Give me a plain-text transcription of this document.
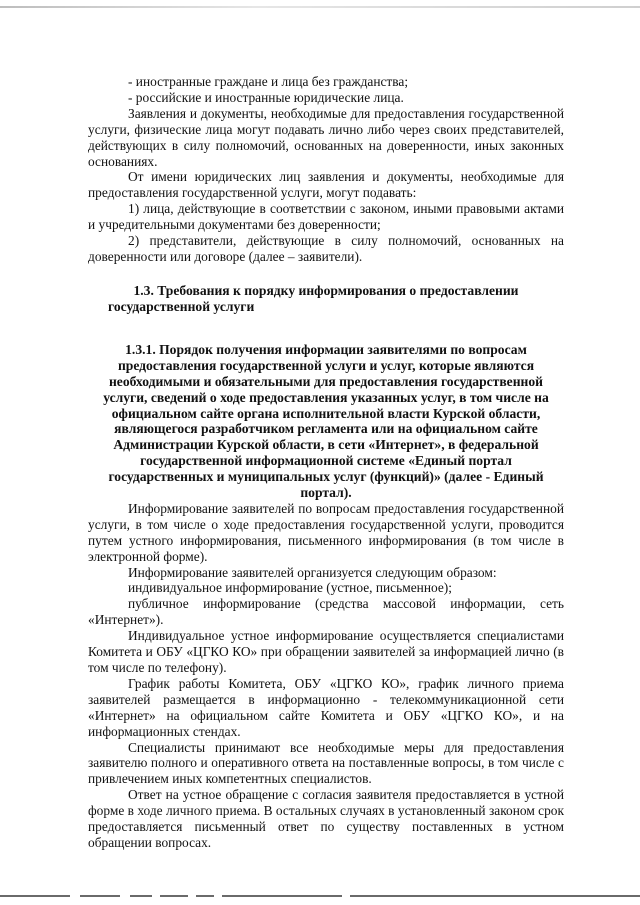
- иностранные граждане и лица без гражданства;

- российские и иностранные юридические лица.

Заявления и документы, необходимые для предоставления государственной услуги, физические лица могут подавать лично либо через своих представителей, действующих в силу полномочий, основанных на доверенности, иных законных основаниях.

От имени юридических лиц заявления и документы, необходимые для предоставления государственной услуги, могут подавать:

1) лица, действующие в соответствии с законом, иными правовыми актами и учредительными документами без доверенности;

2) представители, действующие в силу полномочий, основанных на доверенности или договоре (далее – заявители).

1.3. Требования к порядку информирования о предоставлении государственной услуги

1.3.1. Порядок получения информации заявителями по вопросам предоставления государственной услуги и услуг, которые являются необходимыми и обязательными для предоставления государственной услуги, сведений о ходе предоставления указанных услуг, в том числе на официальном сайте органа исполнительной власти Курской области, являющегося разработчиком регламента или на официальном сайте Администрации Курской области, в сети «Интернет», в федеральной государственной информационной системе «Единый портал государственных и муниципальных услуг (функций)» (далее - Единый портал).

Информирование заявителей по вопросам предоставления государственной услуги, в том числе о ходе предоставления государственной услуги, проводится путем устного информирования, письменного информирования (в том числе в электронной форме).

Информирование заявителей организуется следующим образом:

индивидуальное информирование (устное, письменное);

публичное информирование (средства массовой информации, сеть «Интернет»).

Индивидуальное устное информирование осуществляется специалистами Комитета и ОБУ «ЦГКО КО» при обращении заявителей за информацией лично (в том числе по телефону).

График работы Комитета, ОБУ «ЦГКО КО», график личного приема заявителей размещается в информационно - телекоммуникационной сети «Интернет» на официальном сайте Комитета и ОБУ «ЦГКО КО», и на информационных стендах.

Специалисты принимают все необходимые меры для предоставления заявителю полного и оперативного ответа на поставленные вопросы, в том числе с привлечением иных компетентных специалистов.

Ответ на устное обращение с согласия заявителя предоставляется в устной форме в ходе личного приема. В остальных случаях в установленный законом срок предоставляется письменный ответ по существу поставленных в устном обращении вопросах.
